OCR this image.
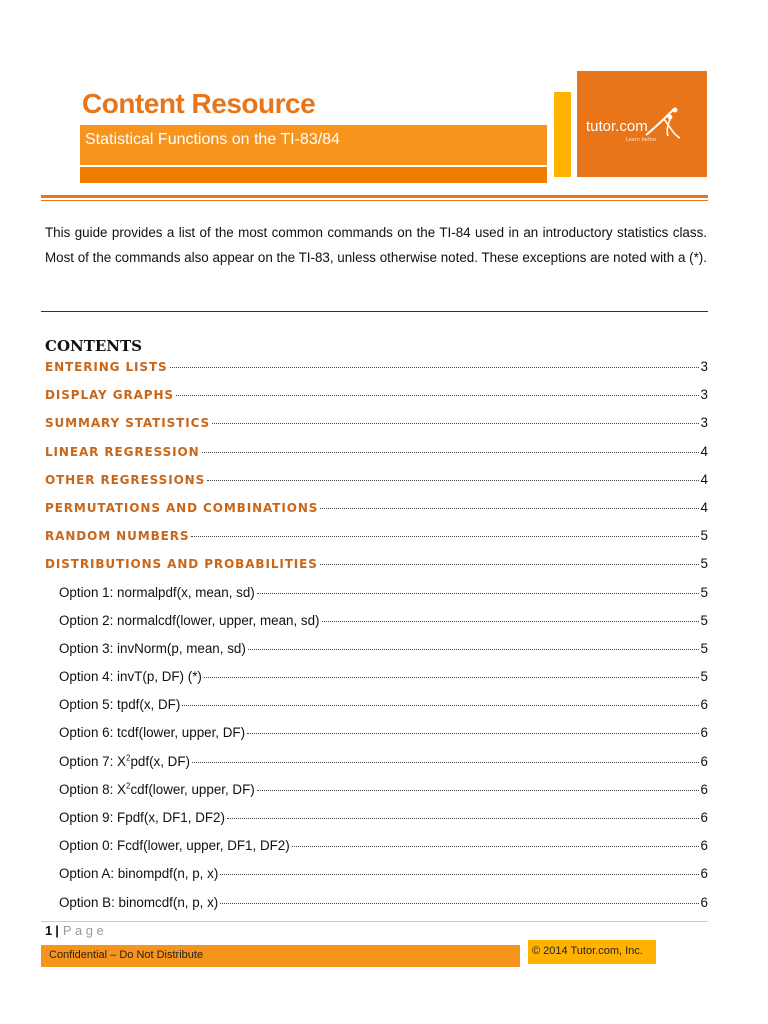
Content Resource
Statistical Functions on the TI-83/84
tutor.com
Learn better

This guide provides a list of the most common commands on the TI-84 used in an introductory statistics class. Most of the commands also appear on the TI-83, unless otherwise noted. These exceptions are noted with a (*).

CONTENTS
ENTERING LISTS	3
DISPLAY GRAPHS	3
SUMMARY STATISTICS	3
LINEAR REGRESSION	4
OTHER REGRESSIONS	4
PERMUTATIONS AND COMBINATIONS	4
RANDOM NUMBERS	5
DISTRIBUTIONS AND PROBABILITIES	5
Option 1: normalpdf(x, mean, sd)	5
Option 2: normalcdf(lower, upper, mean, sd)	5
Option 3: invNorm(p, mean, sd)	5
Option 4: invT(p, DF) (*)	5
Option 5: tpdf(x, DF)	6
Option 6: tcdf(lower, upper, DF)	6
Option 7: $X^2pdf(x$, DF)	6
Option 8: $X^2cdf(lower$, upper, DF)	6
Option 9: Fpdf(x, DF1, DF2)	6
Option 0: Fcdf(lower, upper, DF1, DF2)	6
Option A: binompdf(n, p, x)	6
Option B: binomcdf(n, p, x)	6
1 | Page
Confidential – Do Not Distribute	© 2014 Tutor.com, Inc.
